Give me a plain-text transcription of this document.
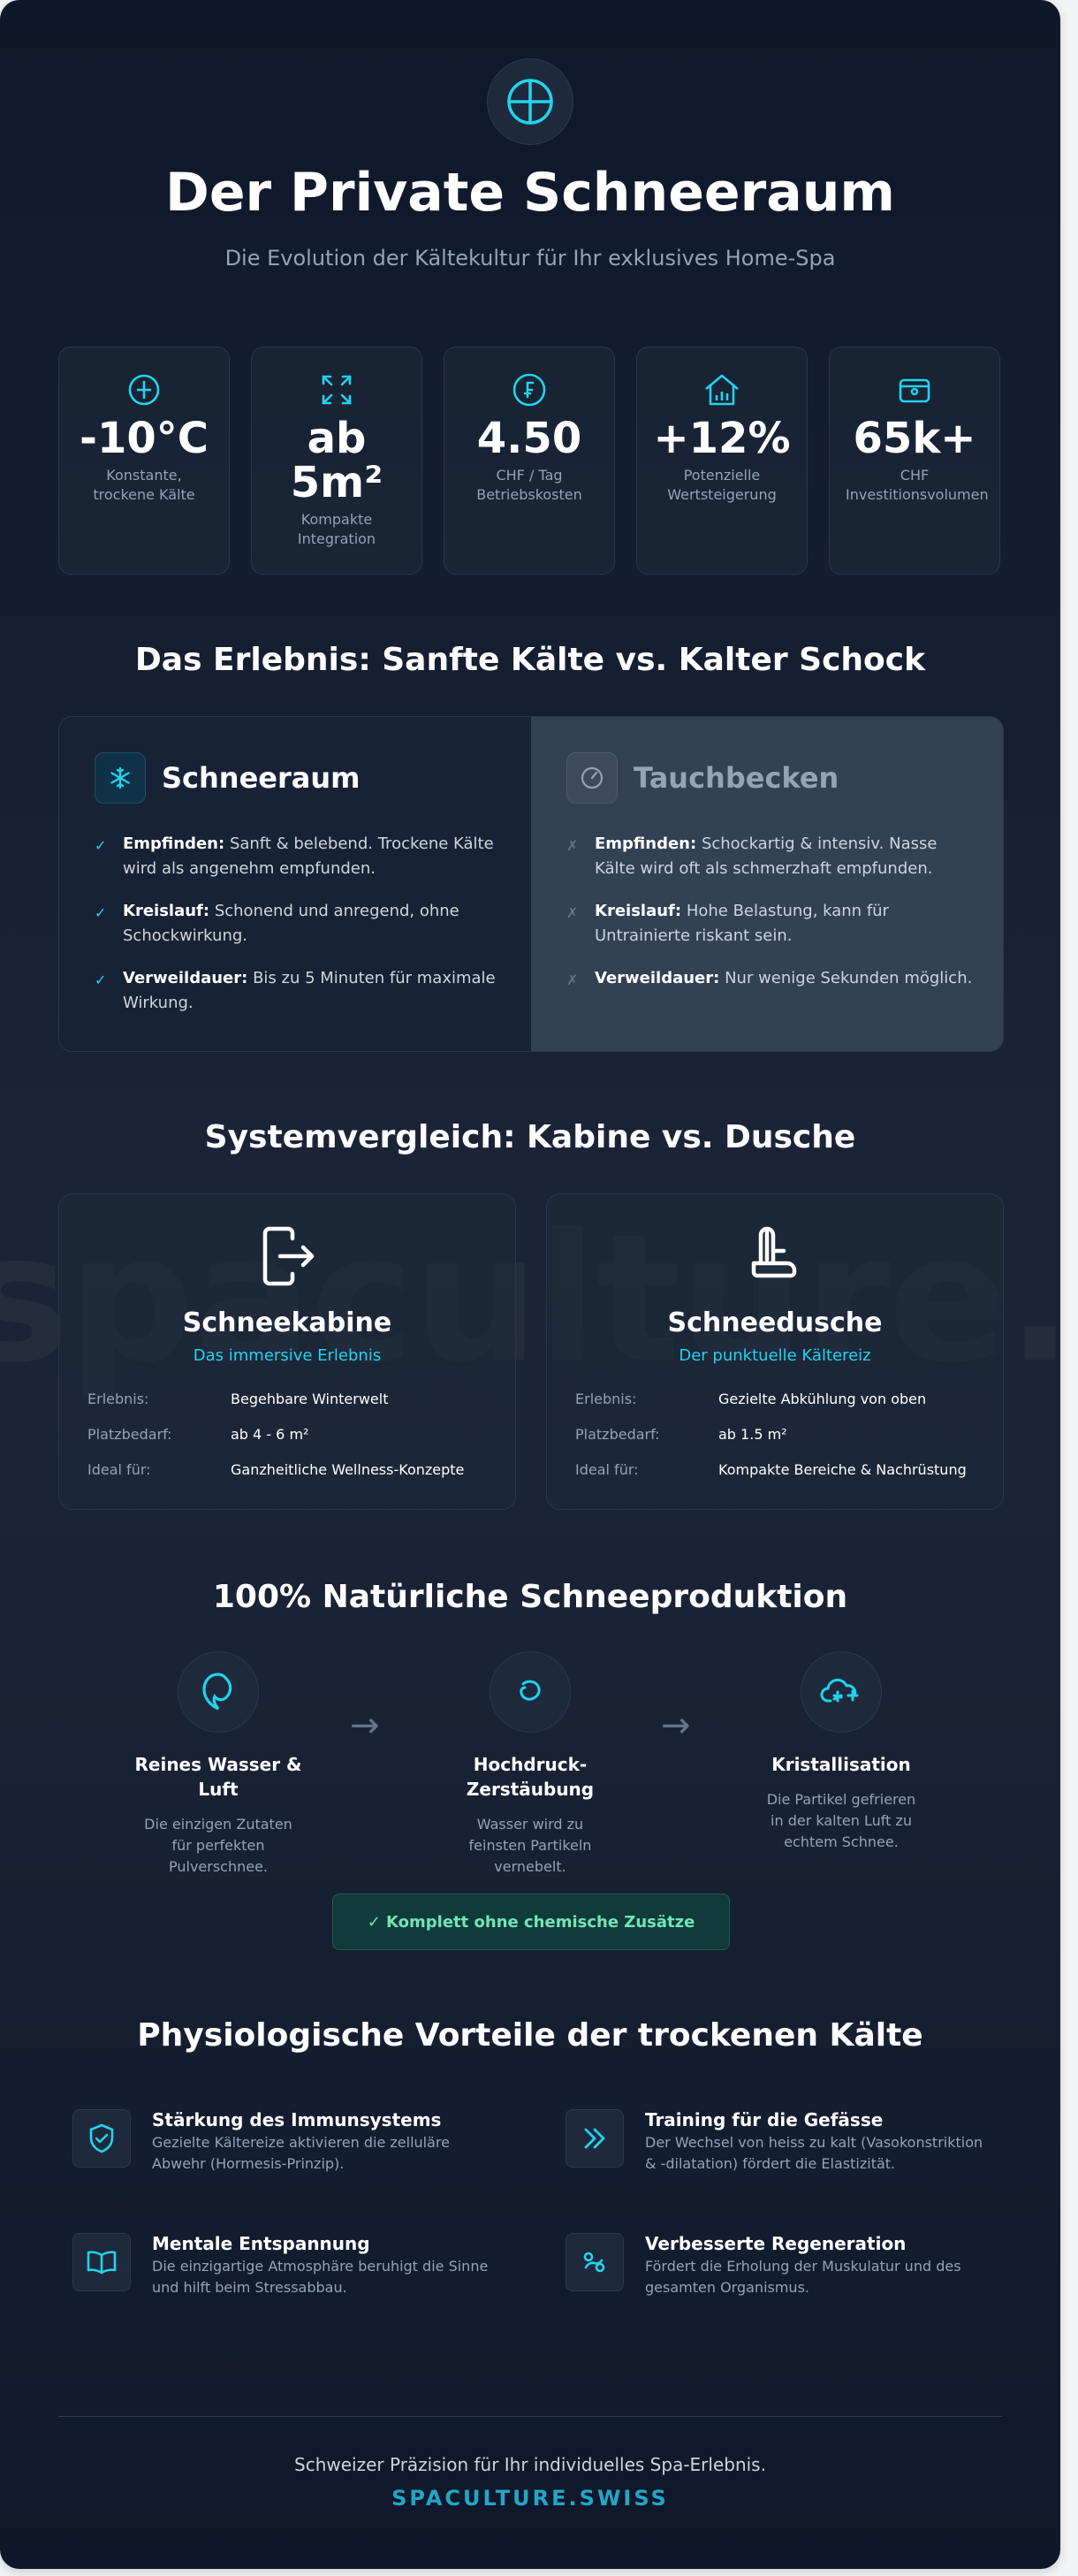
Der Private Schneeraum
Die Evolution der Kältekultur für Ihr exklusives Home-Spa
-10°C
Konstante, trockene Kälte
ab 5m²
Kompakte Integration
4.50
CHF / Tag Betriebskosten
+12%
Potenzielle Wertsteigerung
65k+
CHF Investitionsvolumen
Das Erlebnis: Sanfte Kälte vs. Kalter Schock
Schneeraum
✓	Empfinden: Sanft & belebend. Trockene Kälte wird als angenehm empfunden.
✓	Kreislauf: Schonend und anregend, ohne Schockwirkung.
✓	Verweildauer: Bis zu 5 Minuten für maximale Wirkung.
Tauchbecken
✗	Empfinden: Schockartig & intensiv. Nasse Kälte wird oft als schmerzhaft empfunden.
✗	Kreislauf: Hohe Belastung, kann für Untrainierte riskant sein.
✗	Verweildauer: Nur wenige Sekunden möglich.
Systemvergleich: Kabine vs. Dusche
Schneekabine
Das immersive Erlebnis
Erlebnis:	Begehbare Winterwelt
Platzbedarf:	ab 4 - 6 m²
Ideal für:	Ganzheitliche Wellness-Konzepte
Schneedusche
Der punktuelle Kältereiz
Erlebnis:	Gezielte Abkühlung von oben
Platzbedarf:	ab 1.5 m²
Ideal für:	Kompakte Bereiche & Nachrüstung
100% Natürliche Schneeproduktion
Reines Wasser & Luft
Die einzigen Zutaten für perfekten Pulverschnee.
→
Hochdruck-Zerstäubung
Wasser wird zu feinsten Partikeln vernebelt.
→
Kristallisation
Die Partikel gefrieren in der kalten Luft zu echtem Schnee.
✓ Komplett ohne chemische Zusätze
Physiologische Vorteile der trockenen Kälte
Stärkung des Immunsystems
Gezielte Kältereize aktivieren die zelluläre Abwehr (Hormesis-Prinzip).
Training für die Gefässe
Der Wechsel von heiss zu kalt (Vasokonstriktion & -dilatation) fördert die Elastizität.
Mentale Entspannung
Die einzigartige Atmosphäre beruhigt die Sinne und hilft beim Stressabbau.
Verbesserte Regeneration
Fördert die Erholung der Muskulatur und des gesamten Organismus.
Schweizer Präzision für Ihr individuelles Spa-Erlebnis.
SPACULTURE.SWISS
